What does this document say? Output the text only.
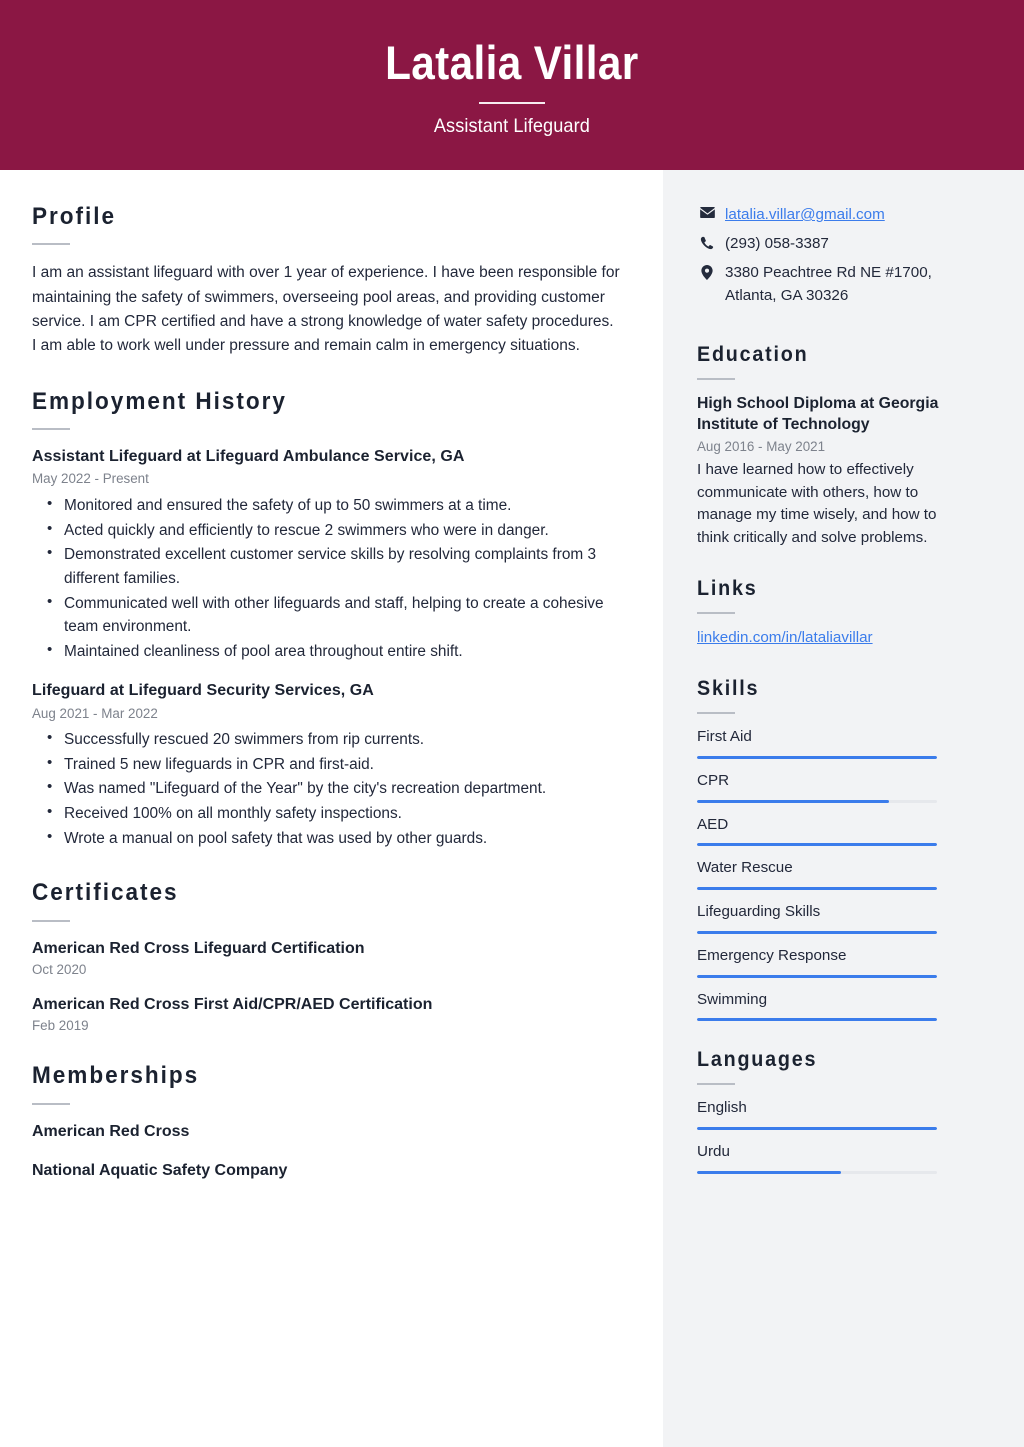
Latalia Villar
Assistant Lifeguard
Profile
I am an assistant lifeguard with over 1 year of experience. I have been responsible for maintaining the safety of swimmers, overseeing pool areas, and providing customer service. I am CPR certified and have a strong knowledge of water safety procedures. I am able to work well under pressure and remain calm in emergency situations.
Employment History
Assistant Lifeguard at Lifeguard Ambulance Service, GA
May 2022 - Present
• Monitored and ensured the safety of up to 50 swimmers at a time.
• Acted quickly and efficiently to rescue 2 swimmers who were in danger.
• Demonstrated excellent customer service skills by resolving complaints from 3 different families.
• Communicated well with other lifeguards and staff, helping to create a cohesive team environment.
• Maintained cleanliness of pool area throughout entire shift.
Lifeguard at Lifeguard Security Services, GA
Aug 2021 - Mar 2022
• Successfully rescued 20 swimmers from rip currents.
• Trained 5 new lifeguards in CPR and first-aid.
• Was named "Lifeguard of the Year" by the city's recreation department.
• Received 100% on all monthly safety inspections.
• Wrote a manual on pool safety that was used by other guards.
Certificates
American Red Cross Lifeguard Certification
Oct 2020
American Red Cross First Aid/CPR/AED Certification
Feb 2019
Memberships
American Red Cross
National Aquatic Safety Company
latalia.villar@gmail.com
(293) 058-3387
3380 Peachtree Rd NE #1700, Atlanta, GA 30326
Education
High School Diploma at Georgia Institute of Technology
Aug 2016 - May 2021
I have learned how to effectively communicate with others, how to manage my time wisely, and how to think critically and solve problems.
Links
linkedin.com/in/lataliavillar
Skills
First Aid
CPR
AED
Water Rescue
Lifeguarding Skills
Emergency Response
Swimming
Languages
English
Urdu
